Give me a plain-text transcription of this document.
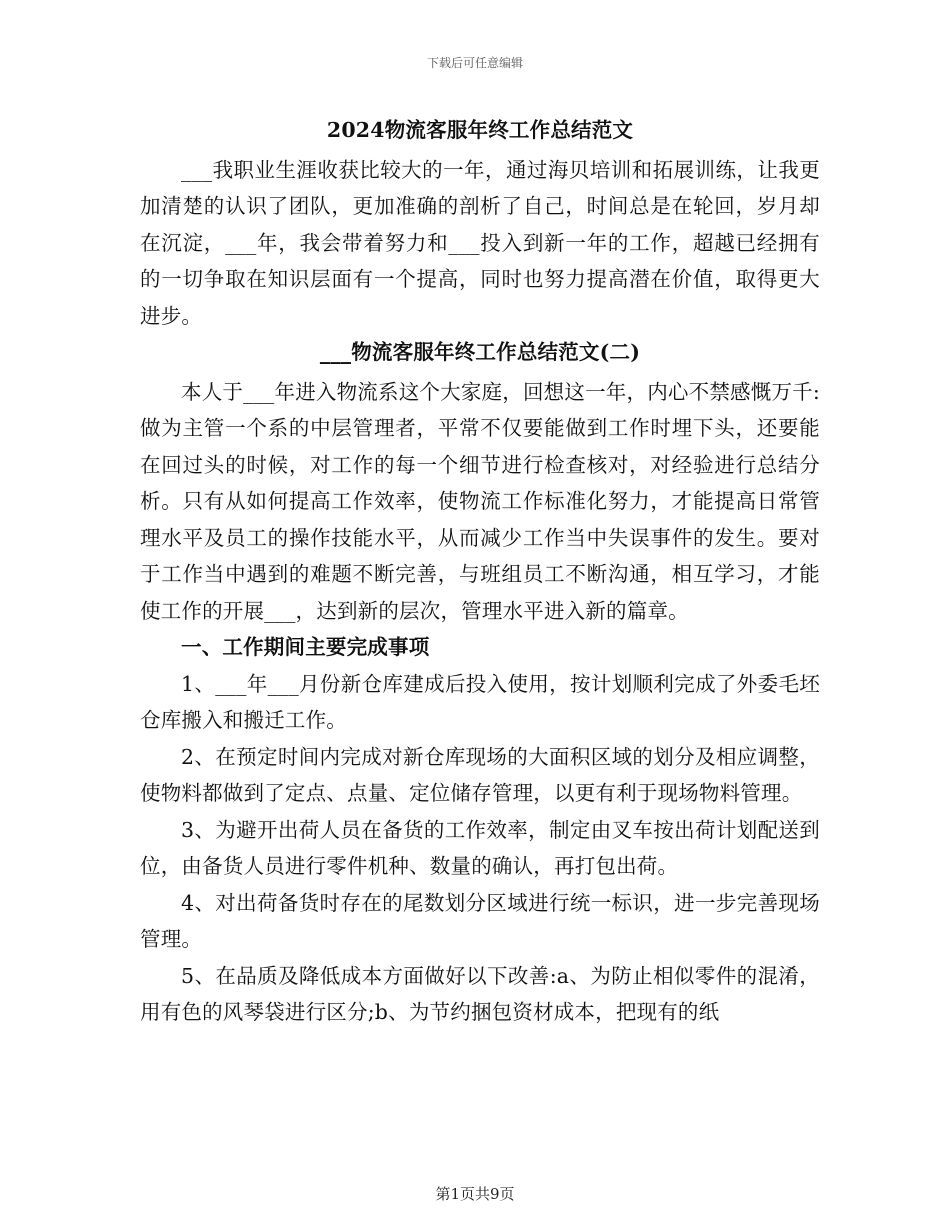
下载后可任意编辑

2024物流客服年终工作总结范文

___我职业生涯收获比较大的一年，通过海贝培训和拓展训练，让我更加清楚的认识了团队，更加准确的剖析了自己，时间总是在轮回，岁月却在沉淀，___年，我会带着努力和___投入到新一年的工作，超越已经拥有的一切争取在知识层面有一个提高，同时也努力提高潜在价值，取得更大进步。

___物流客服年终工作总结范文(二)

本人于___年进入物流系这个大家庭，回想这一年，内心不禁感慨万千:做为主管一个系的中层管理者，平常不仅要能做到工作时埋下头，还要能在回过头的时候，对工作的每一个细节进行检查核对，对经验进行总结分析。只有从如何提高工作效率，使物流工作标准化努力，才能提高日常管理水平及员工的操作技能水平，从而减少工作当中失误事件的发生。要对于工作当中遇到的难题不断完善，与班组员工不断沟通，相互学习，才能使工作的开展___，达到新的层次，管理水平进入新的篇章。

一、工作期间主要完成事项

1、___年___月份新仓库建成后投入使用，按计划顺利完成了外委毛坯仓库搬入和搬迁工作。

2、在预定时间内完成对新仓库现场的大面积区域的划分及相应调整，使物料都做到了定点、点量、定位储存管理，以更有利于现场物料管理。

3、为避开出荷人员在备货的工作效率，制定由叉车按出荷计划配送到位，由备货人员进行零件机种、数量的确认，再打包出荷。

4、对出荷备货时存在的尾数划分区域进行统一标识，进一步完善现场管理。

5、在品质及降低成本方面做好以下改善:a、为防止相似零件的混淆，用有色的风琴袋进行区分;b、为节约捆包资材成本，把现有的纸

第1页共9页
